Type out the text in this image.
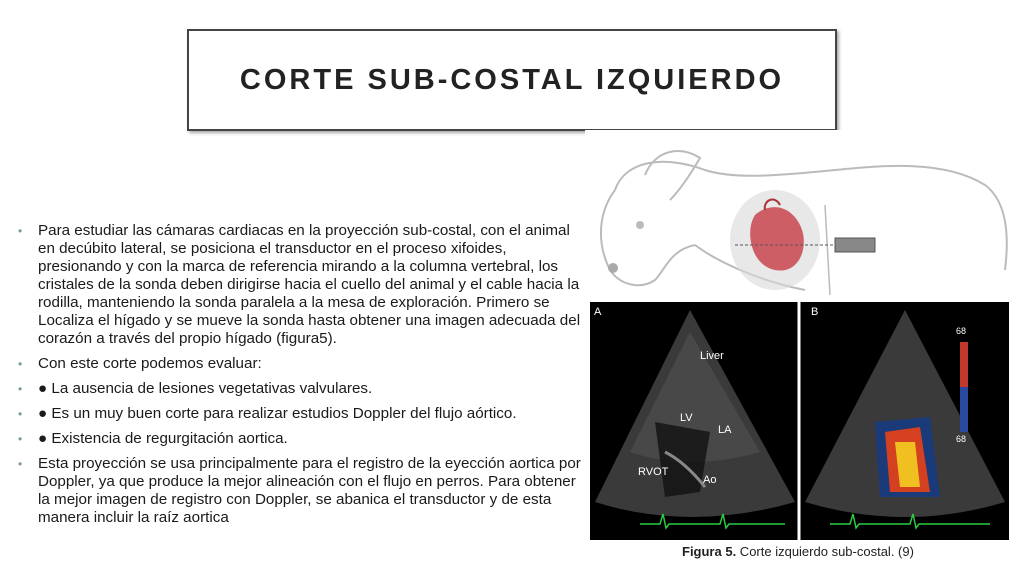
CORTE SUB-COSTAL IZQUIERDO
• Para estudiar las cámaras cardiacas en la proyección sub-costal, con el animal en decúbito lateral, se posiciona el transductor en el proceso xifoides, presionando y con la marca de referencia mirando a la columna vertebral, los cristales de la sonda deben dirigirse hacia el cuello del animal y el cable hacia la rodilla, manteniendo la sonda paralela a la mesa de exploración. Primero se Localiza el hígado y se mueve la sonda hasta obtener una imagen adecuada del corazón a través del propio hígado (figura5).
• Con este corte podemos evaluar:
• ● La ausencia de lesiones vegetativas valvulares.
• ● Es un muy buen corte para realizar estudios Doppler del flujo aórtico.
• ● Existencia de regurgitación aortica.
• Esta proyección se usa principalmente para el registro de la eyección aortica por Doppler, ya que produce la mejor alineación con el flujo en perros. Para obtener la mejor imagen de registro con Doppler, se abanica el transductor y de esta manera incluir la raíz aortica
A	B
Liver
LV
LA
RVOT
Ao
68
68
Figura 5. Corte izquierdo sub-costal. (9)
